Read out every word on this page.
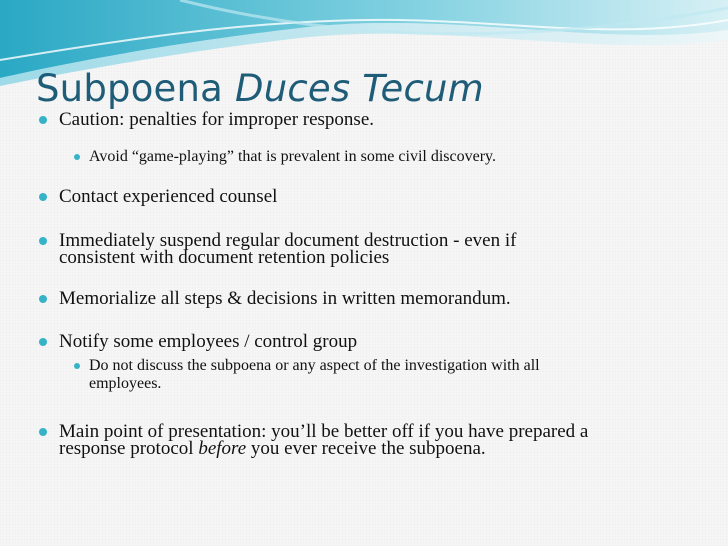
Subpoena Duces Tecum
Caution: penalties for improper response.
Avoid “game-playing” that is prevalent in some civil discovery.
Contact experienced counsel
Immediately suspend regular document destruction - even if
consistent with document retention policies
Memorialize all steps & decisions in written memorandum.
Notify some employees / control group
Do not discuss the subpoena or any aspect of the investigation with all
employees.
Main point of presentation: you’ll be better off if you have prepared a
response protocol before you ever receive the subpoena.
